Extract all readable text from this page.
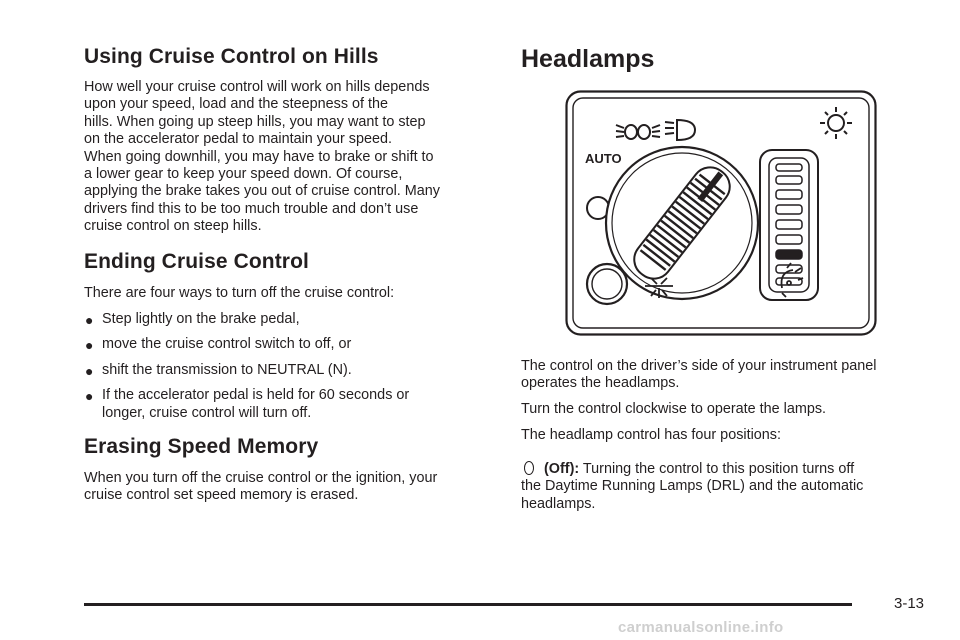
Using Cruise Control on Hills

How well your cruise control will work on hills depends

upon your speed, load and the steepness of the

hills. When going up steep hills, you may want to step

on the accelerator pedal to maintain your speed.

When going downhill, you may have to brake or shift to

a lower gear to keep your speed down. Of course,

applying the brake takes you out of cruise control. Many

drivers find this to be too much trouble and don’t use

cruise control on steep hills.

Ending Cruise Control

There are four ways to turn off the cruise control:

● Step lightly on the brake pedal,
● move the cruise control switch to off, or
● shift the transmission to NEUTRAL (N).
● If the accelerator pedal is held for 60 seconds or
longer, cruise control will turn off.
Erasing Speed Memory

When you turn off the cruise control or the ignition, your

cruise control set speed memory is erased.

Headlamps
AUTO

The control on the driver’s side of your instrument panel

operates the headlamps.

Turn the control clockwise to operate the lamps.

The headlamp control has four positions:

(Off): Turning the control to this position turns off

the Daytime Running Lamps (DRL) and the automatic

headlamps.

3-13
carmanualsonline.info
